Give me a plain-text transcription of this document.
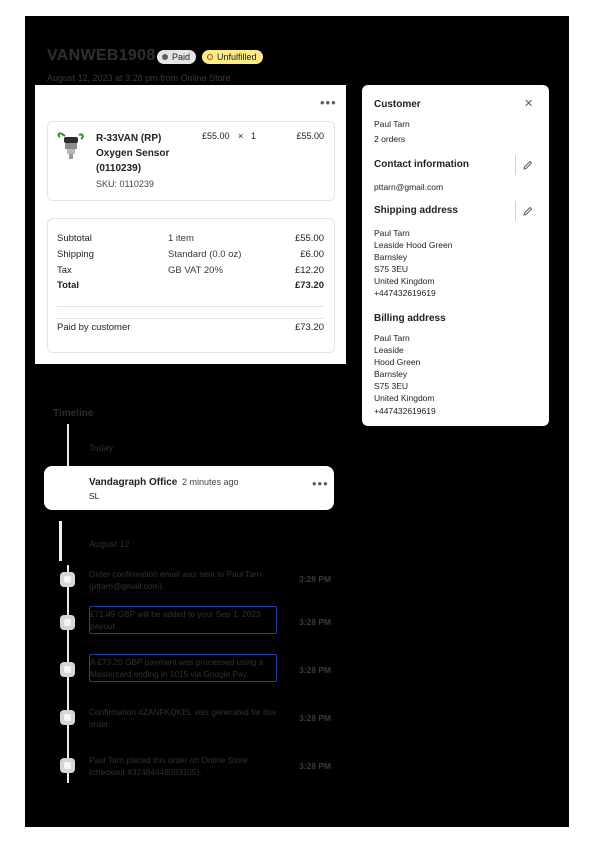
VANWEB1908 Paid	Unfulfilled
August 12, 2023 at 3:28 pm from Online Store
•••
R-33VAN (RP) Oxygen Sensor (0110239)
SKU: 0110239
£55.00 × 1	£55.00
Subtotal	1 item	£55.00
Shipping	Standard (0.0 oz)	£6.00
Tax	GB VAT 20%	£12.20
Total	£73.20
Paid by customer	£73.20
Customer	✕
Paul Tarn
2 orders
Contact information
pttarn@gmail.com
Shipping address
Paul Tarn
Leaside Hood Green
Barnsley
S75 3EU
United Kingdom
+447432619619
Billing address
Paul Tarn
Leaside
Hood Green
Barnsley
S75 3EU
United Kingdom
+447432619619
Timeline
Today
Vandagraph Office 2 minutes ago
SL
•••
August 12
Order confirmation email was sent to Paul Tarn (pttarn@gmail.com).
3:28 PM
£71.49 GBP will be added to your Sep 1, 2023 payout.	3:28 PM
A £73.20 GBP payment was processed using a Mastercard ending in 1015 via Google Pay.	3:28 PM
Confirmation #ZANFKQKEL was generated for this order.
3:28 PM
Paul Tarn placed this order on Online Store (checkout #32484448503105).
3:28 PM
